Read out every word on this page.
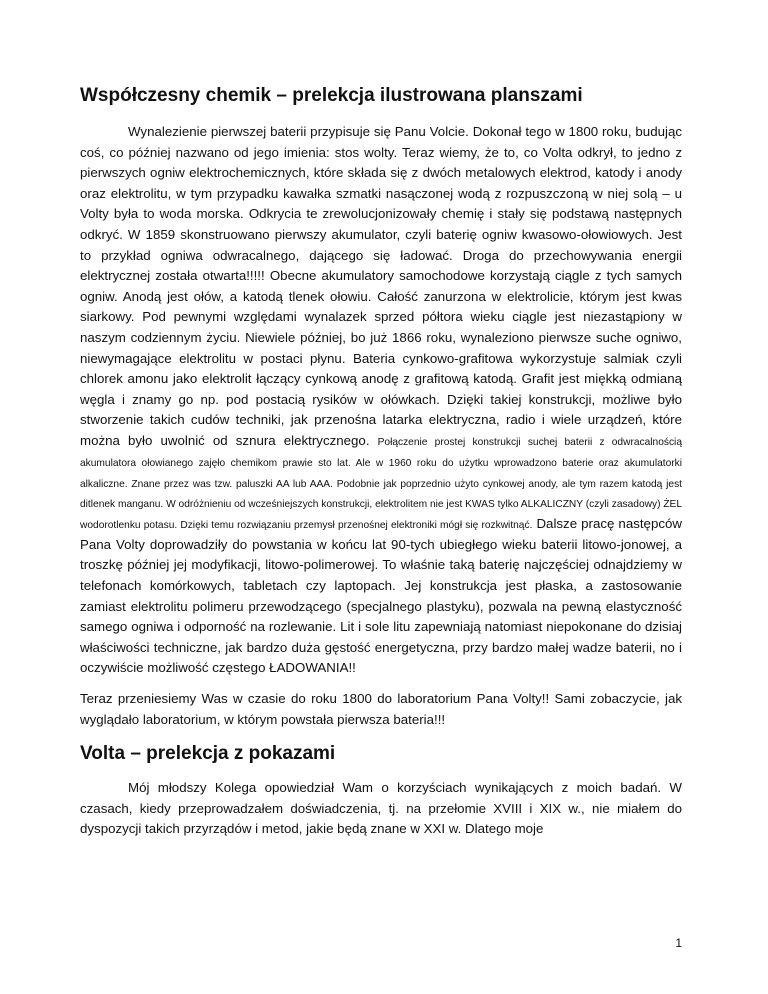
Współczesny chemik – prelekcja ilustrowana planszami

Wynalezienie pierwszej baterii przypisuje się Panu Volcie. Dokonał tego w 1800 roku, budując coś, co później nazwano od jego imienia: stos wolty. Teraz wiemy, że to, co Volta odkrył, to jedno z pierwszych ogniw elektrochemicznych, które składa się z dwóch metalowych elektrod, katody i anody oraz elektrolitu, w tym przypadku kawałka szmatki nasączonej wodą z rozpuszczoną w niej solą – u Volty była to woda morska. Odkrycia te zrewolucjonizowały chemię i stały się podstawą następnych odkryć. W 1859 skonstruowano pierwszy akumulator, czyli baterię ogniw kwasowo-ołowiowych. Jest to przykład ogniwa odwracalnego, dającego się ładować. Droga do przechowywania energii elektrycznej została otwarta!!!!! Obecne akumulatory samochodowe korzystają ciągle z tych samych ogniw. Anodą jest ołów, a katodą tlenek ołowiu. Całość zanurzona w elektrolicie, którym jest kwas siarkowy. Pod pewnymi względami wynalazek sprzed półtora wieku ciągle jest niezastąpiony w naszym codziennym życiu. Niewiele później, bo już 1866 roku, wynaleziono pierwsze suche ogniwo, niewymagające elektrolitu w postaci płynu. Bateria cynkowo-grafitowa wykorzystuje salmiak czyli chlorek amonu jako elektrolit łączący cynkową anodę z grafitową katodą. Grafit jest miękką odmianą węgla i znamy go np. pod postacią rysików w ołówkach. Dzięki takiej konstrukcji, możliwe było stworzenie takich cudów techniki, jak przenośna latarka elektryczna, radio i wiele urządzeń, które można było uwolnić od sznura elektrycznego. Połączenie prostej konstrukcji suchej baterii z odwracalnością akumulatora ołowianego zajęło chemikom prawie sto lat. Ale w 1960 roku do użytku wprowadzono baterie oraz akumulatorki alkaliczne. Znane przez was tzw. paluszki AA lub AAA. Podobnie jak poprzednio użyto cynkowej anody, ale tym razem katodą jest ditlenek manganu. W odróżnieniu od wcześniejszych konstrukcji, elektrolitem nie jest KWAS tylko ALKALICZNY (czyli zasadowy) ŻEL wodorotlenku potasu. Dzięki temu rozwiązaniu przemysł przenośnej elektroniki mógł się rozkwitnąć. Dalsze pracę następców Pana Volty doprowadziły do powstania w końcu lat 90-tych ubiegłego wieku baterii litowo-jonowej, a troszkę później jej modyfikacji, litowo-polimerowej. To właśnie taką baterię najczęściej odnajdziemy w telefonach komórkowych, tabletach czy laptopach. Jej konstrukcja jest płaska, a zastosowanie zamiast elektrolitu polimeru przewodzącego (specjalnego plastyku), pozwala na pewną elastyczność samego ogniwa i odporność na rozlewanie. Lit i sole litu zapewniają natomiast niepokonane do dzisiaj właściwości techniczne, jak bardzo duża gęstość energetyczna, przy bardzo małej wadze baterii, no i oczywiście możliwość częstego ŁADOWANIA!!

Teraz przeniesiemy Was w czasie do roku 1800 do laboratorium Pana Volty!! Sami zobaczycie, jak wyglądało laboratorium, w którym powstała pierwsza bateria!!!

Volta – prelekcja z pokazami

Mój młodszy Kolega opowiedział Wam o korzyściach wynikających z moich badań. W czasach, kiedy przeprowadzałem doświadczenia, tj. na przełomie XVIII i XIX w., nie miałem do dyspozycji takich przyrządów i metod, jakie będą znane w XXI w. Dlatego moje

1
